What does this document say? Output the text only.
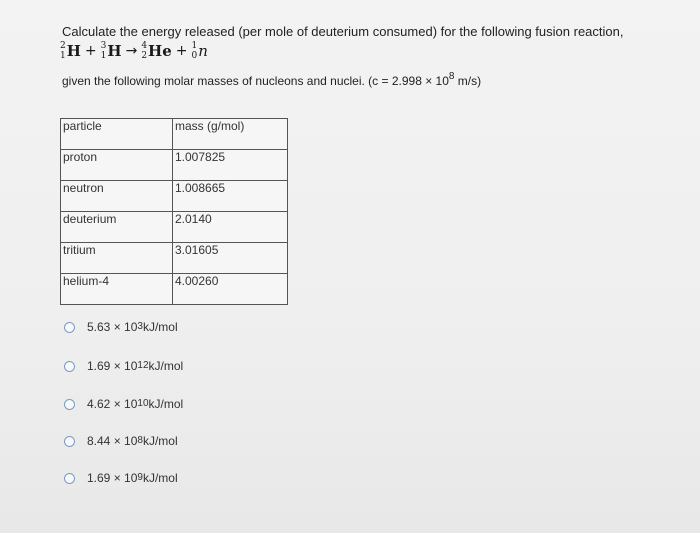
Calculate the energy released (per mole of deuterium consumed) for the following fusion reaction,
2
1 H + 3
1 H → 4
2 He + 1
0 n
given the following molar masses of nucleons and nuclei. ($c = 2.998 \times 10^8$ m/s)
particle	mass (g/mol)
proton	1.007825
neutron	1.008665
deuterium	2.0140
tritium	3.01605
helium-4	4.00260
5.63 × 10 3 kJ/mol
1.69 × 10 12 kJ/mol
4.62 × 10 10 kJ/mol
8.44 × 10 8 kJ/mol
1.69 × 10 9 kJ/mol
